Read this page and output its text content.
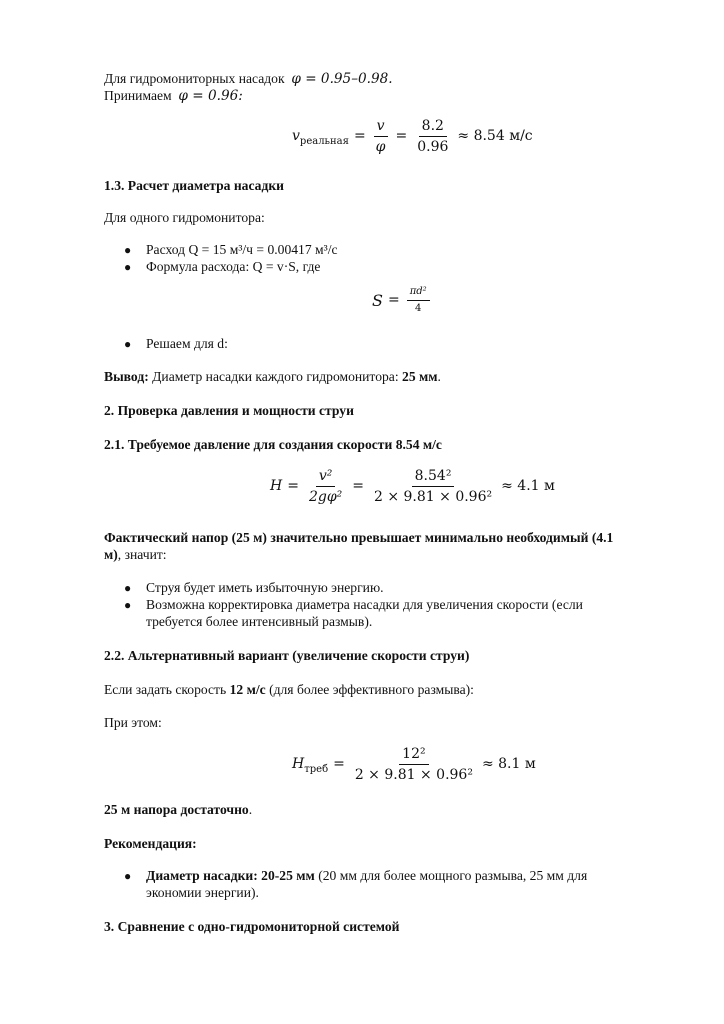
Для гидромониторных насадок φ = 0.95–0.98.
Принимаем φ = 0.96:
$v_{реальная} = \frac{v}{\varphi} = \frac{8.2}{0.96} \approx 8.54$ м/с
1.3. Расчет диаметра насадки
Для одного гидромонитора:
● Расход Q = 15 м³/ч = 0.00417 м³/с
● Формула расхода: Q = v·S, где
$S = \frac{\text{πd²}}{4}$
● Решаем для d:
Вывод: Диаметр насадки каждого гидромонитора: 25 мм.
2. Проверка давления и мощности струи
2.1. Требуемое давление для создания скорости 8.54 м/с
$H = \frac{\text{v²}}{\text{2gφ²}} = \frac{\text{8.54²}}{\text{2 × 9.81 × 0.96²}} \approx 4.1$ м
Фактический напор (25 м) значительно превышает минимально необходимый (4.1
м), значит:
● Струя будет иметь избыточную энергию.
● Возможна корректировка диаметра насадки для увеличения скорости (если
требуется более интенсивный размыв).
2.2. Альтернативный вариант (увеличение скорости струи)
Если задать скорость 12 м/с (для более эффективного размыва):
При этом:
$H_{треб} = \frac{\text{12²}}{\text{2 × 9.81 × 0.96²}} \approx 8.1$ м
25 м напора достаточно.
Рекомендация:
● Диаметр насадки: 20-25 мм (20 мм для более мощного размыва, 25 мм для
экономии энергии).
3. Сравнение с одно-гидромониторной системой
